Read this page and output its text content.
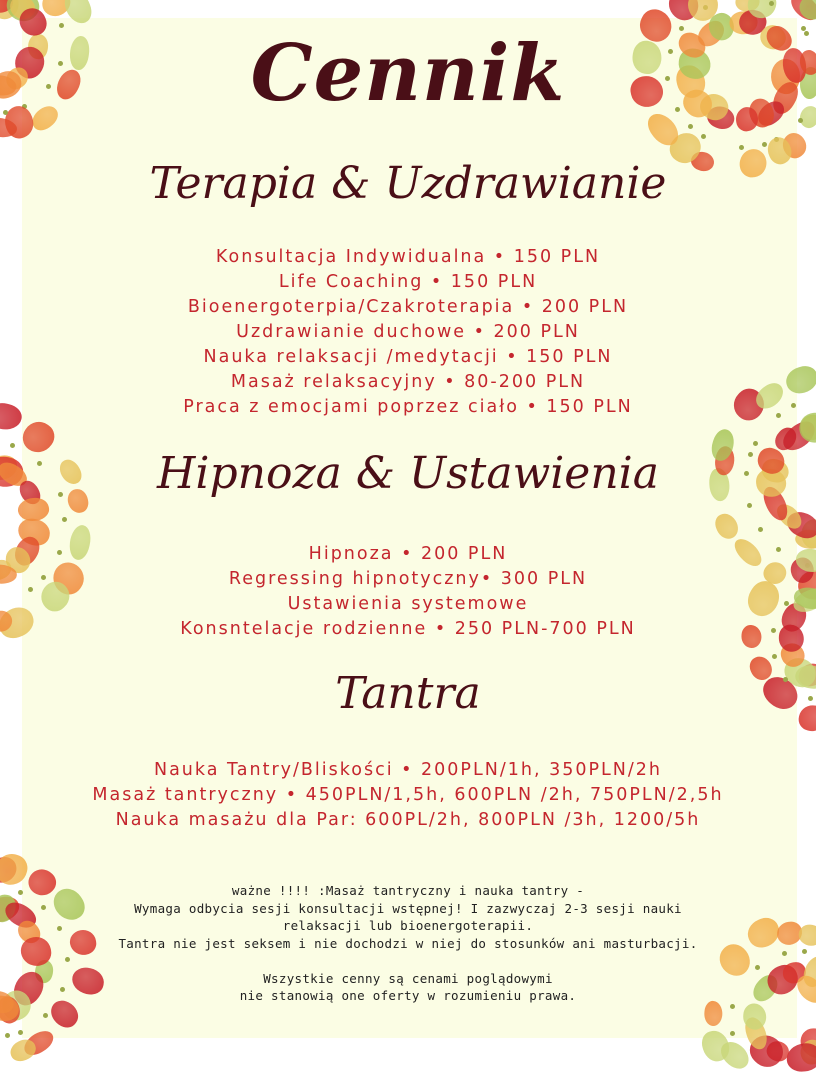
Cennik
Terapia & Uzdrawianie
Konsultacja Indywidualna • 150 PLN
Life Coaching • 150 PLN
Bioenergoterpia/Czakroterapia • 200 PLN
Uzdrawianie duchowe • 200 PLN
Nauka relaksacji /medytacji • 150 PLN
Masaż relaksacyjny • 80-200 PLN
Praca z emocjami poprzez ciało • 150 PLN
Hipnoza & Ustawienia
Hipnoza • 200 PLN
Regressing hipnotyczny• 300 PLN
Ustawienia systemowe
Konsntelacje rodzienne • 250 PLN-700 PLN
Tantra
Nauka Tantry/Bliskości • 200PLN/1h, 350PLN/2h
Masaż tantryczny • 450PLN/1,5h, 600PLN /2h, 750PLN/2,5h
Nauka masażu dla Par: 600PL/2h, 800PLN /3h, 1200/5h
ważne !!!! :Masaż tantryczny i nauka tantry -
Wymaga odbycia sesji konsultacji wstępnej! I zazwyczaj 2-3 sesji nauki
relaksacji lub bioenergoterapii.
Tantra nie jest seksem i nie dochodzi w niej do stosunków ani masturbacji.

Wszystkie cenny są cenami poglądowymi
nie stanowią one oferty w rozumieniu prawa.
